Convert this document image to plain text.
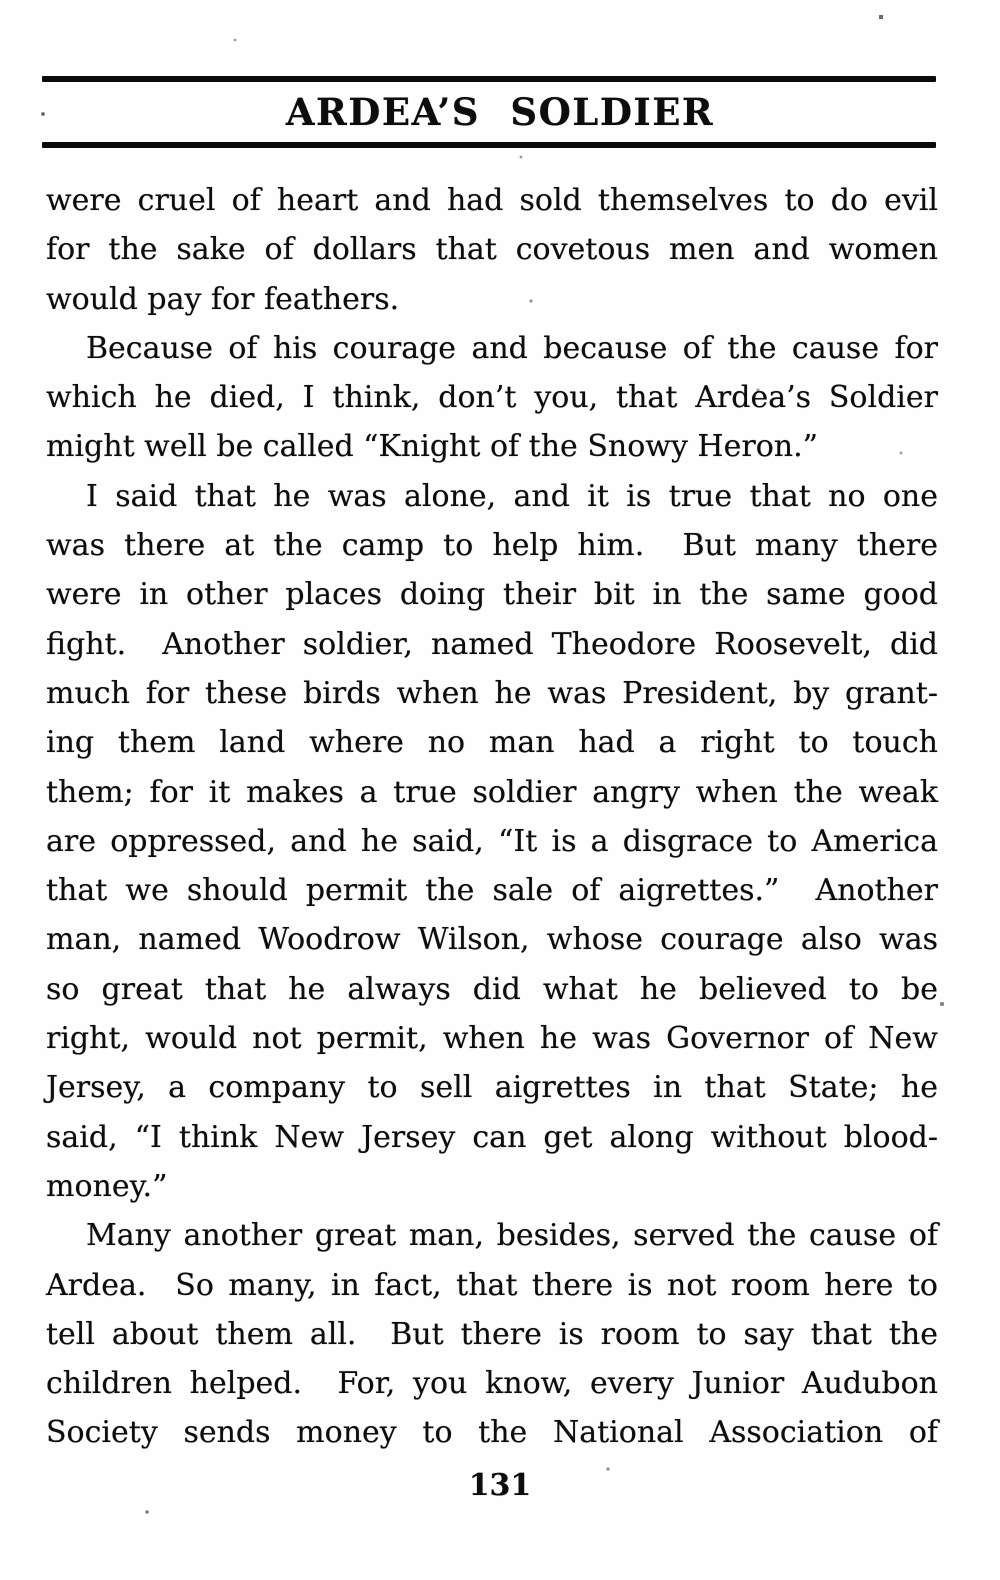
ARDEA’S SOLDIER
were cruel of heart and had sold themselves to do evil
for the sake of dollars that covetous men and women
would pay for feathers.
Because of his courage and because of the cause for
which he died, I think, don’t you, that Ardea’s Soldier
might well be called “Knight of the Snowy Heron.”
I said that he was alone, and it is true that no one
was there at the camp to help him.  But many there
were in other places doing their bit in the same good
fight.  Another soldier, named Theodore Roosevelt, did
much for these birds when he was President, by grant-
ing them land where no man had a right to touch
them; for it makes a true soldier angry when the weak
are oppressed, and he said, “It is a disgrace to America
that we should permit the sale of aigrettes.”  Another
man, named Woodrow Wilson, whose courage also was
so great that he always did what he believed to be
right, would not permit, when he was Governor of New
Jersey, a company to sell aigrettes in that State; he
said, “I think New Jersey can get along without blood-
money.”
Many another great man, besides, served the cause of
Ardea.  So many, in fact, that there is not room here to
tell about them all.  But there is room to say that the
children helped.  For, you know, every Junior Audubon
Society sends money to the National Association of
131
